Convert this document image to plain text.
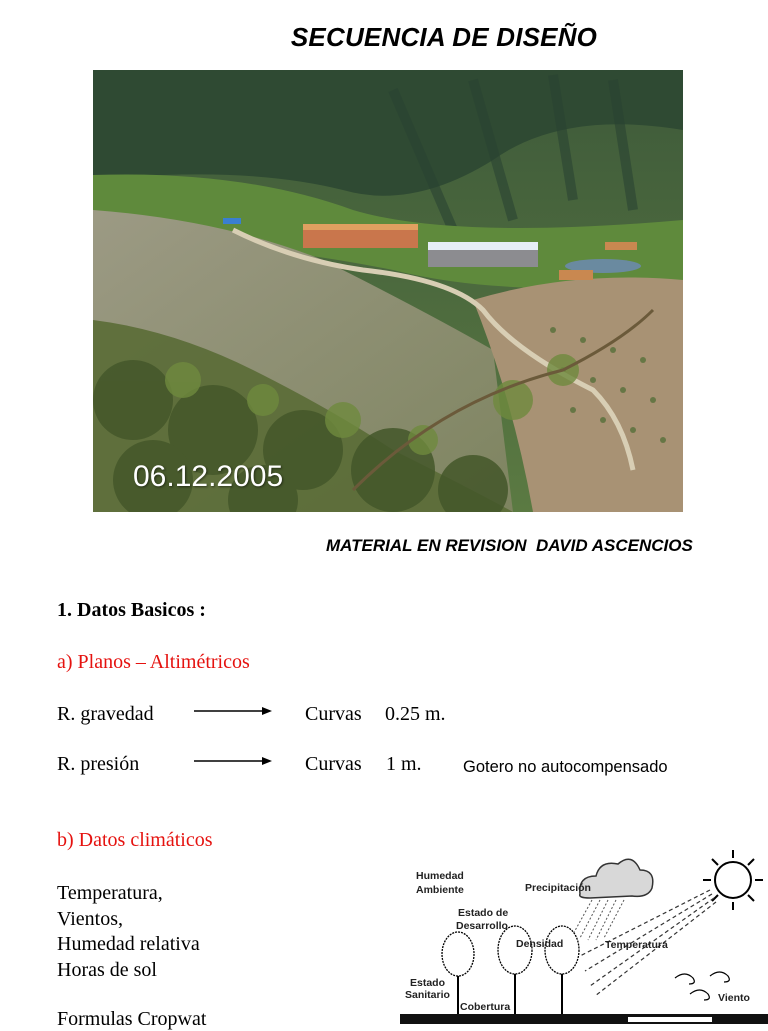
SECUENCIA DE DISEÑO
06.12.2005
MATERIAL EN REVISION  DAVID ASCENCIOS
1. Datos Basicos :
a) Planos – Altimétricos
R. gravedad	Curvas 0.25 m.
R. presión	Curvas 1 m.	Gotero no autocompensado
b) Datos climáticos
Temperatura,
Vientos,
Humedad relativa
Horas de sol
Formulas Cropwat
Humedad
Ambiente	Precipitación
Estado de
Desarrollo
Densidad	Temperatura
Estado
Sanitario
Cobertura
Viento
